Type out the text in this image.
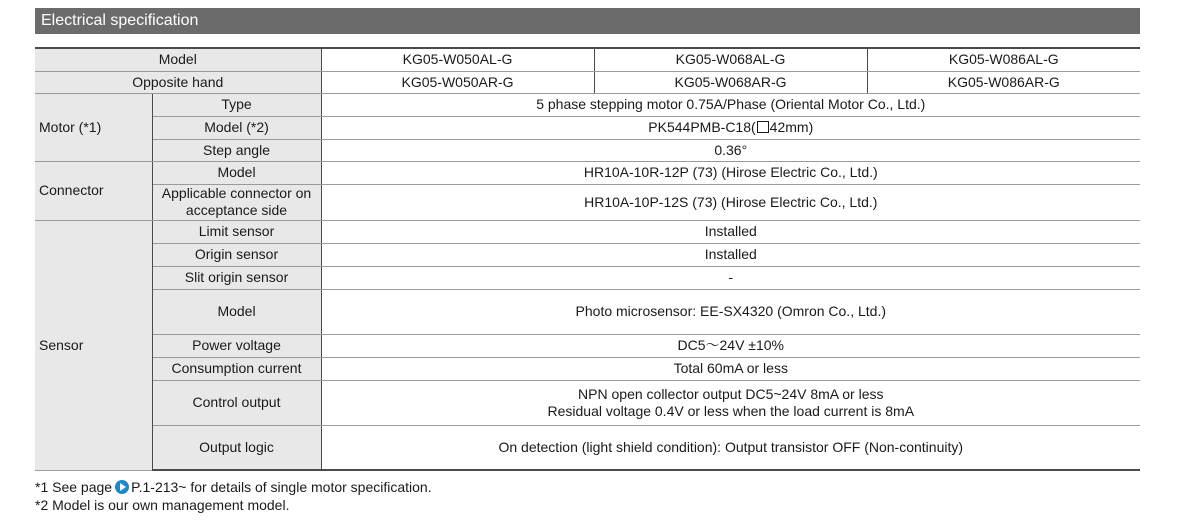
Electrical specification
Model		KG05-W050AL-G	KG05-W068AL-G	KG05-W086AL-G
Opposite hand		KG05-W050AR-G	KG05-W068AR-G	KG05-W086AR-G
Motor (*1)	Type	5 phase stepping motor 0.75A/Phase (Oriental Motor Co., Ltd.)		
	Model (*2)	PK544PMB-C18( 42mm)		
	Step angle	0.36°		
Connector	Model	HR10A-10R-12P (73) (Hirose Electric Co., Ltd.)		
	Applicable connector on
acceptance side	HR10A-10P-12S (73) (Hirose Electric Co., Ltd.)		
Sensor	Limit sensor	Installed		
	Origin sensor	Installed		
	Slit origin sensor	-		
	Model	Photo microsensor: EE-SX4320 (Omron Co., Ltd.)		
	Power voltage	DC5～24V ±10%		
	Consumption current	Total 60mA or less		
	Control output	NPN open collector output DC5~24V 8mA or less
Residual voltage 0.4V or less when the load current is 8mA		
	Output logic	On detection (light shield condition): Output transistor OFF (Non-continuity)		
*1 See page P.1-213~ for details of single motor specification.
*2 Model is our own management model.
